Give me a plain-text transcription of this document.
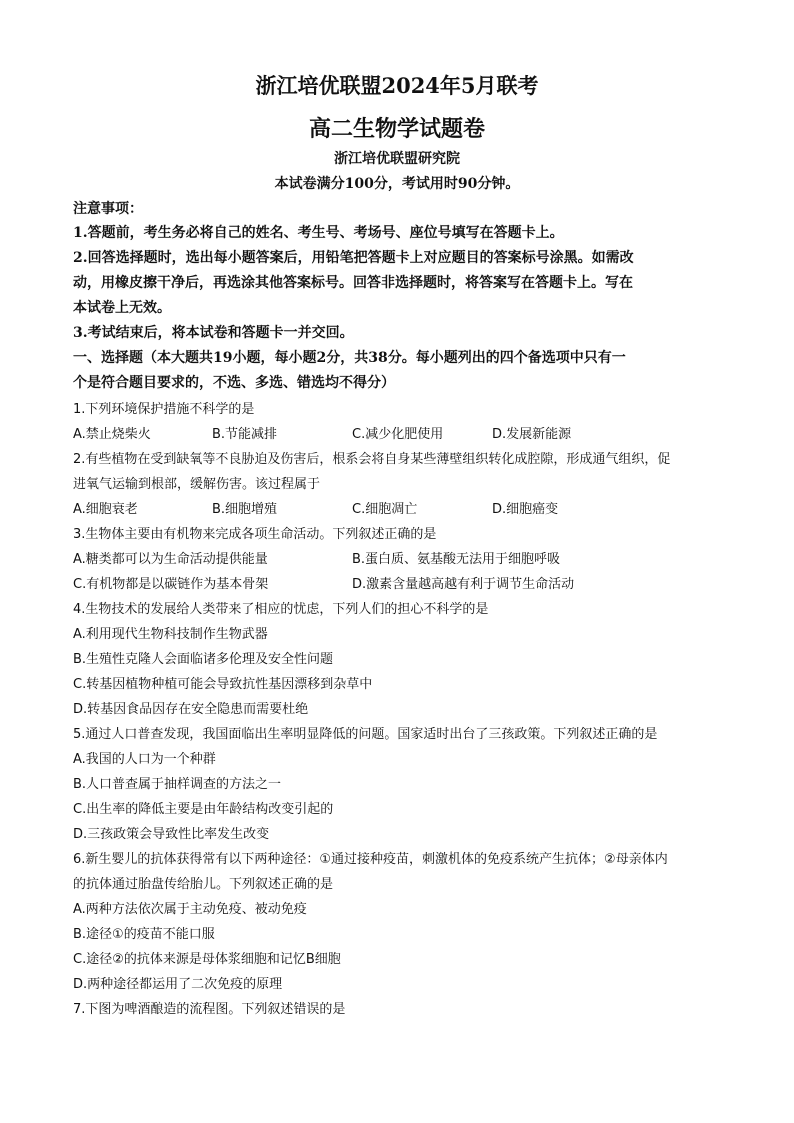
浙江培优联盟2024年5月联考
高二生物学试题卷
浙江培优联盟研究院
本试卷满分100分，考试用时90分钟。
注意事项：
1.答题前，考生务必将自己的姓名、考生号、考场号、座位号填写在答题卡上。
2.回答选择题时，选出每小题答案后，用铅笔把答题卡上对应题目的答案标号涂黑。如需改
动，用橡皮擦干净后，再选涂其他答案标号。回答非选择题时，将答案写在答题卡上。写在
本试卷上无效。
3.考试结束后，将本试卷和答题卡一并交回。
一、选择题（本大题共19小题，每小题2分，共38分。每小题列出的四个备选项中只有一
个是符合题目要求的，不选、多选、错选均不得分）
1.下列环境保护措施不科学的是
A.禁止烧柴火	B.节能减排	C.减少化肥使用	D.发展新能源
2.有些植物在受到缺氧等不良胁迫及伤害后，根系会将自身某些薄壁组织转化成腔隙，形成通气组织，促
进氧气运输到根部，缓解伤害。该过程属于
A.细胞衰老	B.细胞增殖	C.细胞凋亡	D.细胞癌变
3.生物体主要由有机物来完成各项生命活动。下列叙述正确的是
A.糖类都可以为生命活动提供能量	B.蛋白质、氨基酸无法用于细胞呼吸
C.有机物都是以碳链作为基本骨架	D.激素含量越高越有利于调节生命活动
4.生物技术的发展给人类带来了相应的忧虑，下列人们的担心不科学的是
A.利用现代生物科技制作生物武器
B.生殖性克隆人会面临诸多伦理及安全性问题
C.转基因植物种植可能会导致抗性基因漂移到杂草中
D.转基因食品因存在安全隐患而需要杜绝
5.通过人口普查发现，我国面临出生率明显降低的问题。国家适时出台了三孩政策。下列叙述正确的是
A.我国的人口为一个种群
B.人口普查属于抽样调查的方法之一
C.出生率的降低主要是由年龄结构改变引起的
D.三孩政策会导致性比率发生改变
6.新生婴儿的抗体获得常有以下两种途径：①通过接种疫苗，刺激机体的免疫系统产生抗体；②母亲体内
的抗体通过胎盘传给胎儿。下列叙述正确的是
A.两种方法依次属于主动免疫、被动免疫
B.途径①的疫苗不能口服
C.途径②的抗体来源是母体浆细胞和记忆B细胞
D.两种途径都运用了二次免疫的原理
7.下图为啤酒酿造的流程图。下列叙述错误的是
